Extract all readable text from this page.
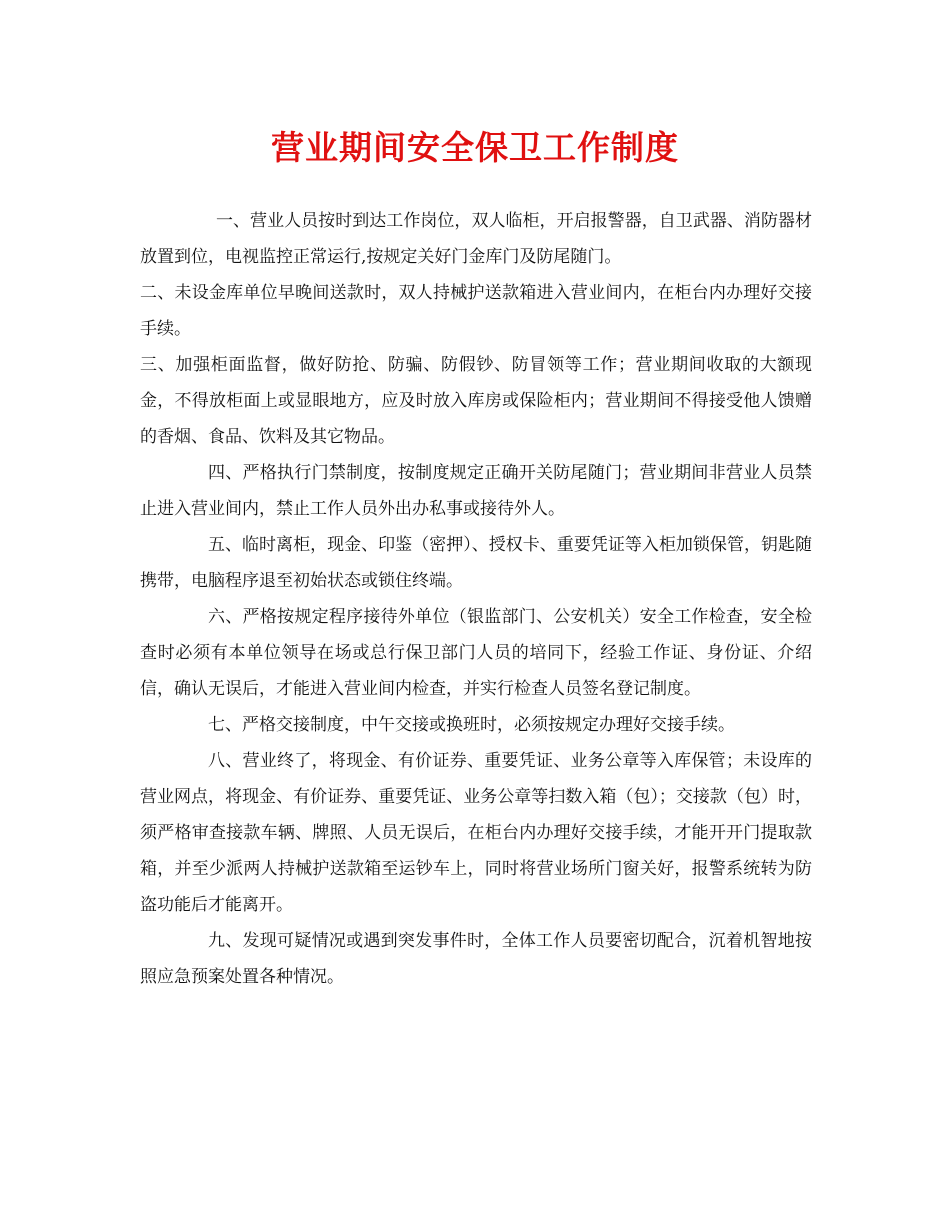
营业期间安全保卫工作制度

一、营业人员按时到达工作岗位，双人临柜，开启报警器，自卫武器、消防器材放置到位，电视监控正常运行,按规定关好门金库门及防尾随门。

二、未设金库单位早晚间送款时，双人持械护送款箱进入营业间内，在柜台内办理好交接手续。

三、加强柜面监督，做好防抢、防骗、防假钞、防冒领等工作；营业期间收取的大额现金，不得放柜面上或显眼地方，应及时放入库房或保险柜内；营业期间不得接受他人馈赠的香烟、食品、饮料及其它物品。

四、严格执行门禁制度，按制度规定正确开关防尾随门；营业期间非营业人员禁止进入营业间内，禁止工作人员外出办私事或接待外人。

五、临时离柜，现金、印鉴（密押）、授权卡、重要凭证等入柜加锁保管，钥匙随携带，电脑程序退至初始状态或锁住终端。

六、严格按规定程序接待外单位（银监部门、公安机关）安全工作检查，安全检查时必须有本单位领导在场或总行保卫部门人员的培同下，经验工作证、身份证、介绍信，确认无误后，才能进入营业间内检查，并实行检查人员签名登记制度。

七、严格交接制度，中午交接或换班时，必须按规定办理好交接手续。

八、营业终了，将现金、有价证券、重要凭证、业务公章等入库保管；未设库的营业网点，将现金、有价证券、重要凭证、业务公章等扫数入箱（包）；交接款（包）时，须严格审查接款车辆、牌照、人员无误后，在柜台内办理好交接手续，才能开开门提取款箱，并至少派两人持械护送款箱至运钞车上，同时将营业场所门窗关好，报警系统转为防盗功能后才能离开。

九、发现可疑情况或遇到突发事件时，全体工作人员要密切配合，沉着机智地按照应急预案处置各种情况。
